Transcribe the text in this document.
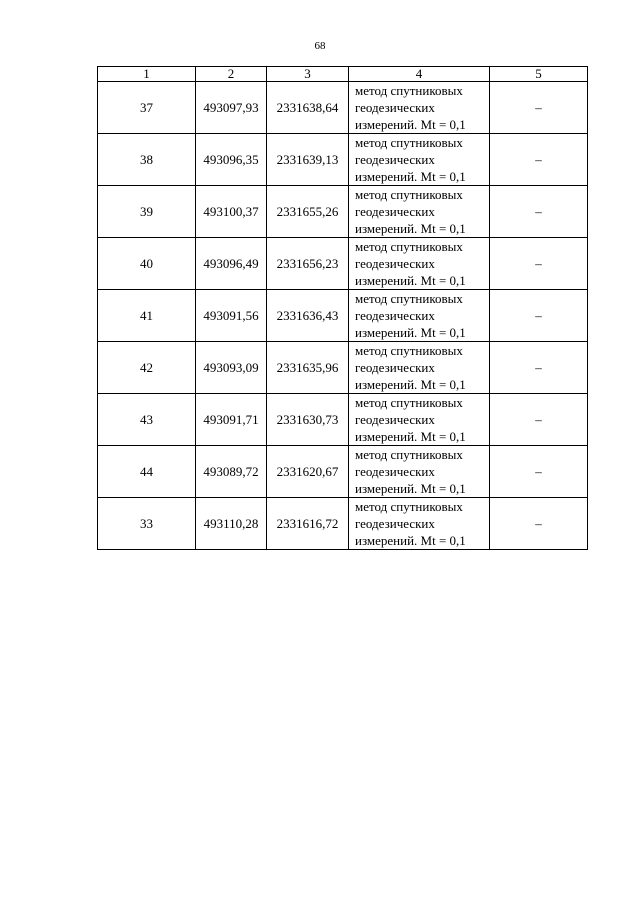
68
1	2	3	4	5
37	493097,93	2331638,64	метод спутниковых
геодезических
измерений. Mt = 0,1	–
38	493096,35	2331639,13	метод спутниковых
геодезических
измерений. Mt = 0,1	–
39	493100,37	2331655,26	метод спутниковых
геодезических
измерений. Mt = 0,1	–
40	493096,49	2331656,23	метод спутниковых
геодезических
измерений. Mt = 0,1	–
41	493091,56	2331636,43	метод спутниковых
геодезических
измерений. Mt = 0,1	–
42	493093,09	2331635,96	метод спутниковых
геодезических
измерений. Mt = 0,1	–
43	493091,71	2331630,73	метод спутниковых
геодезических
измерений. Mt = 0,1	–
44	493089,72	2331620,67	метод спутниковых
геодезических
измерений. Mt = 0,1	–
33	493110,28	2331616,72	метод спутниковых
геодезических
измерений. Mt = 0,1	–
